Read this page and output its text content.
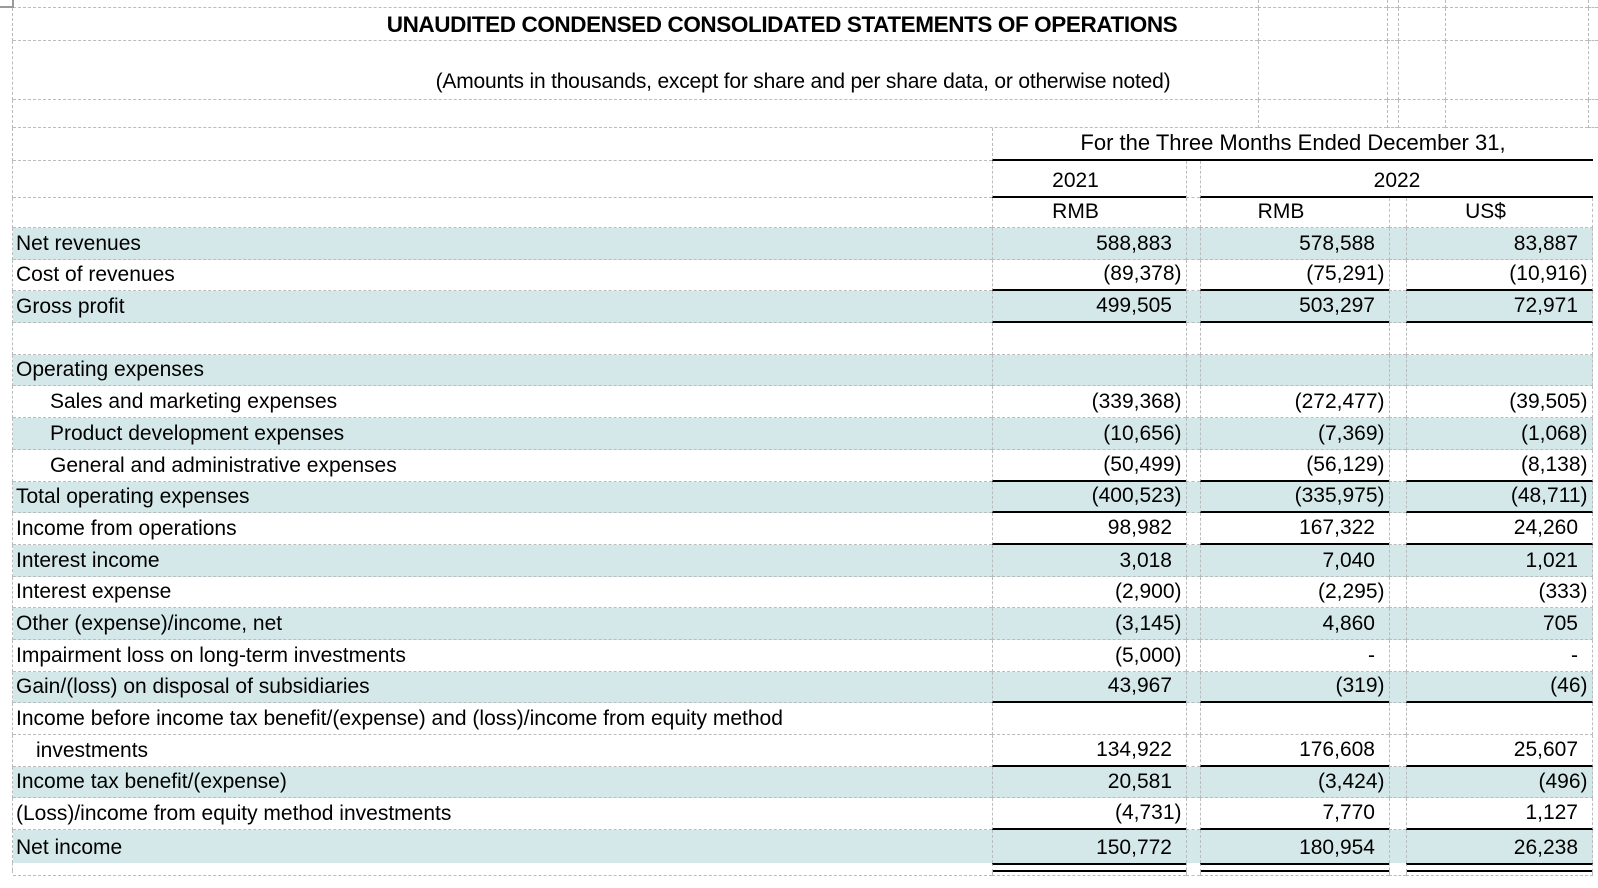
UNAUDITED CONDENSED CONSOLIDATED STATEMENTS OF OPERATIONS
(Amounts in thousands, except for share and per share data, or otherwise noted)
For the Three Months Ended December 31,
2021	2022
RMB	RMB	US$
Net revenues	588,883	578,588	83,887
Cost of revenues	(89,378)	(75,291)	(10,916)
Gross profit	499,505	503,297	72,971
Operating expenses
Sales and marketing expenses	(339,368)	(272,477)	(39,505)
Product development expenses	(10,656)	(7,369)	(1,068)
General and administrative expenses	(50,499)	(56,129)	(8,138)
Total operating expenses	(400,523)	(335,975)	(48,711)
Income from operations	98,982	167,322	24,260
Interest income	3,018	7,040	1,021
Interest expense	(2,900)	(2,295)	(333)
Other (expense)/income, net	(3,145)	4,860	705
Impairment loss on long-term investments	(5,000)	-	-
Gain/(loss) on disposal of subsidiaries	43,967	(319)	(46)
Income before income tax benefit/(expense) and (loss)/income from equity method
investments	134,922	176,608	25,607
Income tax benefit/(expense)	20,581	(3,424)	(496)
(Loss)/income from equity method investments	(4,731)	7,770	1,127
Net income	150,772	180,954	26,238
